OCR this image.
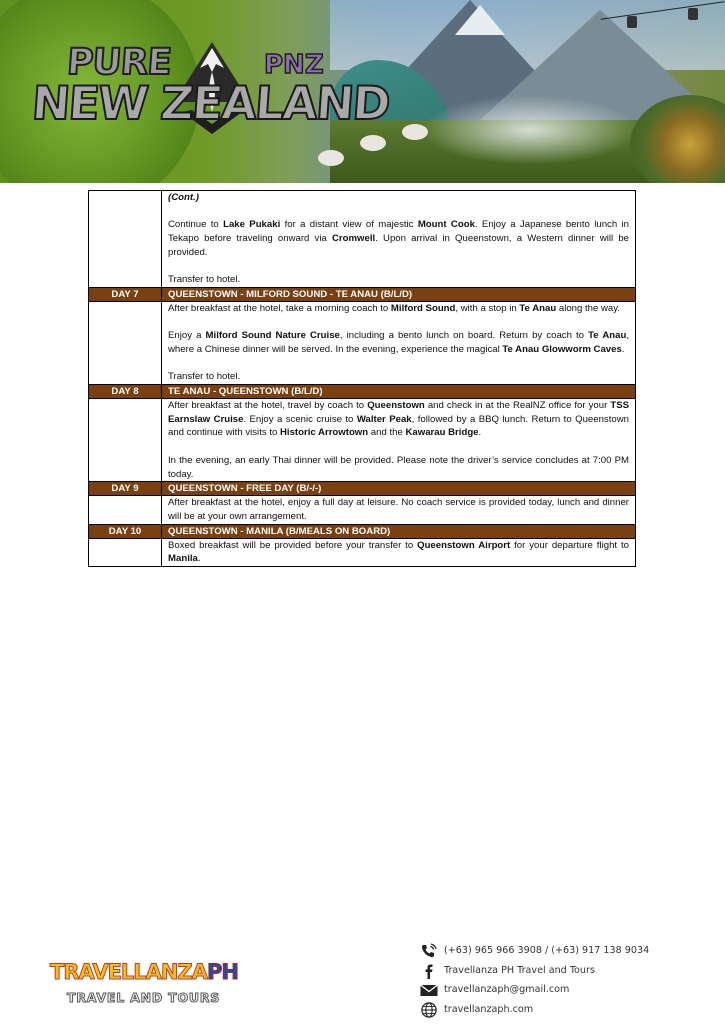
PURE	PNZ
NEW ZEALAND

	(Cont.)

Continue to Lake Pukaki for a distant view of majestic Mount Cook. Enjoy a Japanese bento lunch in Tekapo before traveling onward via Cromwell. Upon arrival in Queenstown, a Western dinner will be provided.

Transfer to hotel.

DAY 7	QUEENSTOWN - MILFORD SOUND - TE ANAU (B/L/D)

	After breakfast at the hotel, take a morning coach to Milford Sound, with a stop in Te Anau along the way.

Enjoy a Milford Sound Nature Cruise, including a bento lunch on board. Return by coach to Te Anau, where a Chinese dinner will be served. In the evening, experience the magical Te Anau Glowworm Caves.

Transfer to hotel.

DAY 8	TE ANAU - QUEENSTOWN (B/L/D)

	After breakfast at the hotel, travel by coach to Queenstown and check in at the RealNZ office for your TSS Earnslaw Cruise. Enjoy a scenic cruise to Walter Peak, followed by a BBQ lunch. Return to Queenstown and continue with visits to Historic Arrowtown and the Kawarau Bridge.

In the evening, an early Thai dinner will be provided. Please note the driver’s service concludes at 7:00 PM today.

DAY 9	QUEENSTOWN - FREE DAY (B/-/-)

	After breakfast at the hotel, enjoy a full day at leisure. No coach service is provided today, lunch and dinner will be at your own arrangement.

DAY 10	QUEENSTOWN - MANILA (B/MEALS ON BOARD)

	Boxed breakfast will be provided before your transfer to Queenstown Airport for your departure flight to Manila.

TRAVELLANZAPH
TRAVEL AND TOURS
(+63) 965 966 3908 / (+63) 917 138 9034
Travellanza PH Travel and Tours
travellanzaph@gmail.com
travellanzaph.com
